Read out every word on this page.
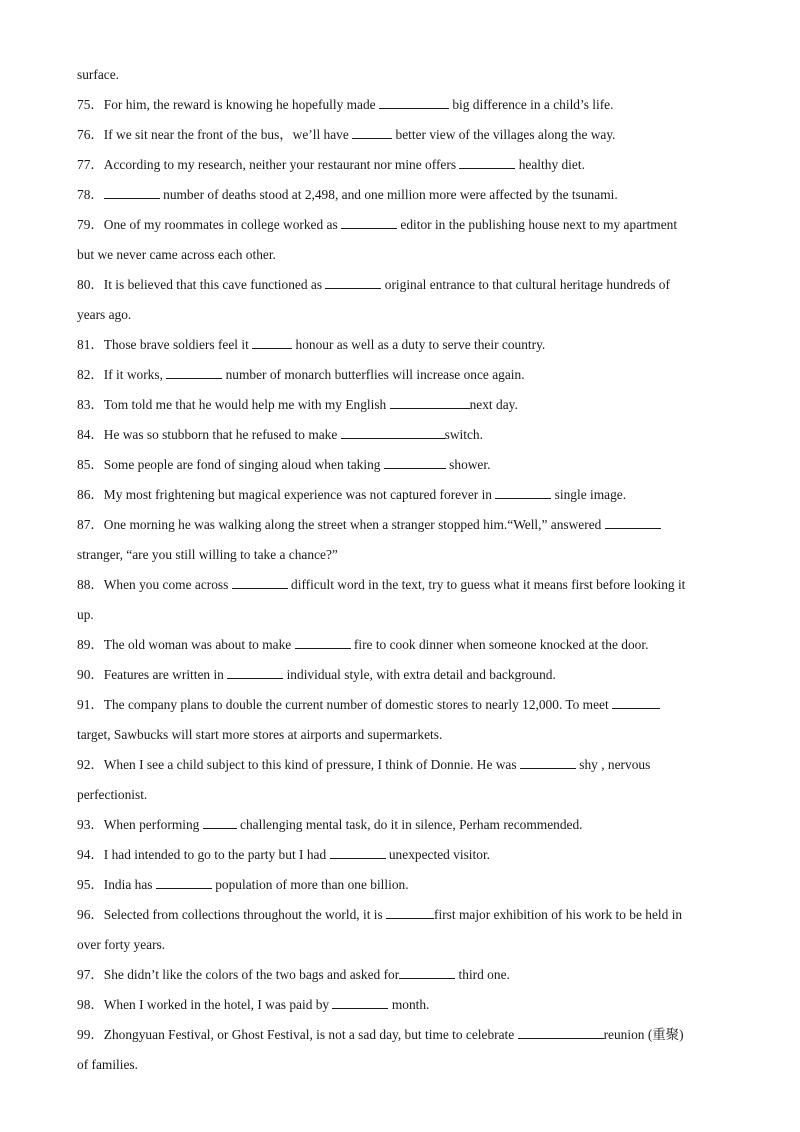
surface.
75．For him, the reward is knowing he hopefully made	big difference in a child’s life.
76．If we sit near the front of the bus，we’ll have	better view of the villages along the way.
77．According to my research, neither your restaurant nor mine offers	healthy diet.
78．	number of deaths stood at 2,498, and one million more were affected by the tsunami.
79．One of my roommates in college worked as	editor in the publishing house next to my apartment
but we never came across each other.
80．It is believed that this cave functioned as	original entrance to that cultural heritage hundreds of
years ago.
81．Those brave soldiers feel it	honour as well as a duty to serve their country.
82．If it works,	number of monarch butterflies will increase once again.
83．Tom told me that he would help me with my English	next day.
84．He was so stubborn that he refused to make	switch.
85．Some people are fond of singing aloud when taking	shower.
86．My most frightening but magical experience was not captured forever in	single image.
87．One morning he was walking along the street when a stranger stopped him.“Well,” answered
stranger, “are you still willing to take a chance?”
88．When you come across	difficult word in the text, try to guess what it means first before looking it
up.
89．The old woman was about to make	fire to cook dinner when someone knocked at the door.
90．Features are written in	individual style, with extra detail and background.
91．The company plans to double the current number of domestic stores to nearly 12,000. To meet
target, Sawbucks will start more stores at airports and supermarkets.
92．When I see a child subject to this kind of pressure, I think of Donnie. He was	shy , nervous
perfectionist.
93．When performing	challenging mental task, do it in silence, Perham recommended.
94．I had intended to go to the party but I had	unexpected visitor.
95．India has	population of more than one billion.
96．Selected from collections throughout the world, it is	first major exhibition of his work to be held in
over forty years.
97．She didn’t like the colors of the two bags and asked for	third one.
98．When I worked in the hotel, I was paid by	month.
99．Zhongyuan Festival, or Ghost Festival, is not a sad day, but time to celebrate	reunion (重聚)
of families.
